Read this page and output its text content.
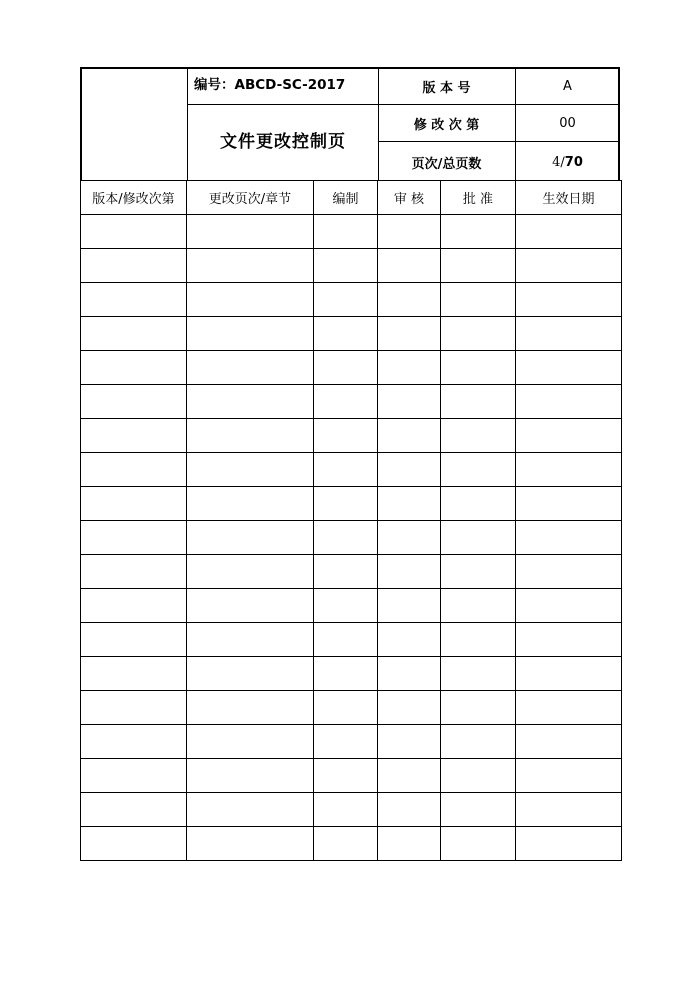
编号：ABCD-SC-2017
文件更改控制页
版 本 号	A
修 改 次 第	00
页次/总页数	4 / 70
版本/修改次第	更改页次/章节	编制	审 核	批 准	生效日期
